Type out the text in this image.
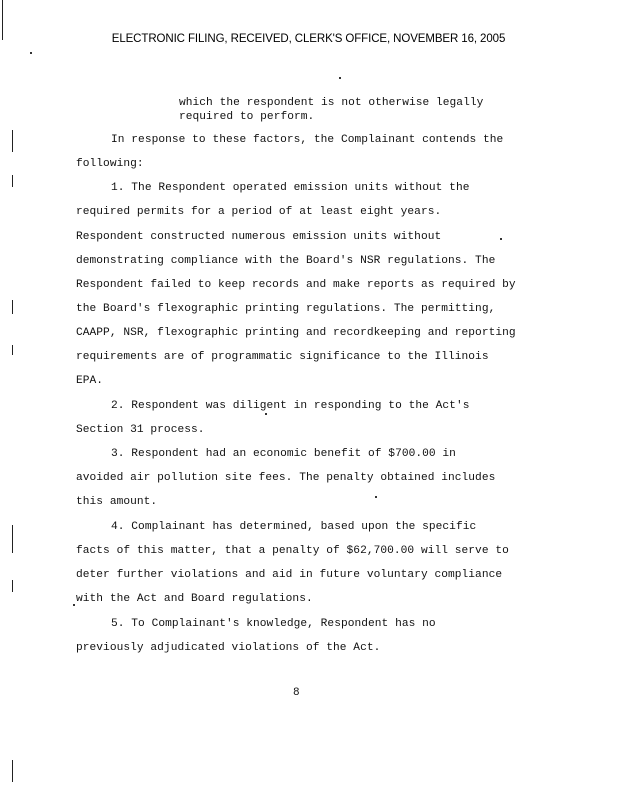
ELECTRONIC FILING, RECEIVED, CLERK'S OFFICE, NOVEMBER 16, 2005
which the respondent is not otherwise legally
required to perform.
In response to these factors, the Complainant contends the
following:
1. The Respondent operated emission units without the
required permits for a period of at least eight years.
Respondent constructed numerous emission units without
demonstrating compliance with the Board's NSR regulations. The
Respondent failed to keep records and make reports as required by
the Board's flexographic printing regulations. The permitting,
CAAPP, NSR, flexographic printing and recordkeeping and reporting
requirements are of programmatic significance to the Illinois
EPA.
2. Respondent was diligent in responding to the Act's
Section 31 process.
3. Respondent had an economic benefit of $700.00 in
avoided air pollution site fees. The penalty obtained includes
this amount.
4. Complainant has determined, based upon the specific
facts of this matter, that a penalty of $62,700.00 will serve to
deter further violations and aid in future voluntary compliance
with the Act and Board regulations.
5. To Complainant's knowledge, Respondent has no
previously adjudicated violations of the Act.
8
